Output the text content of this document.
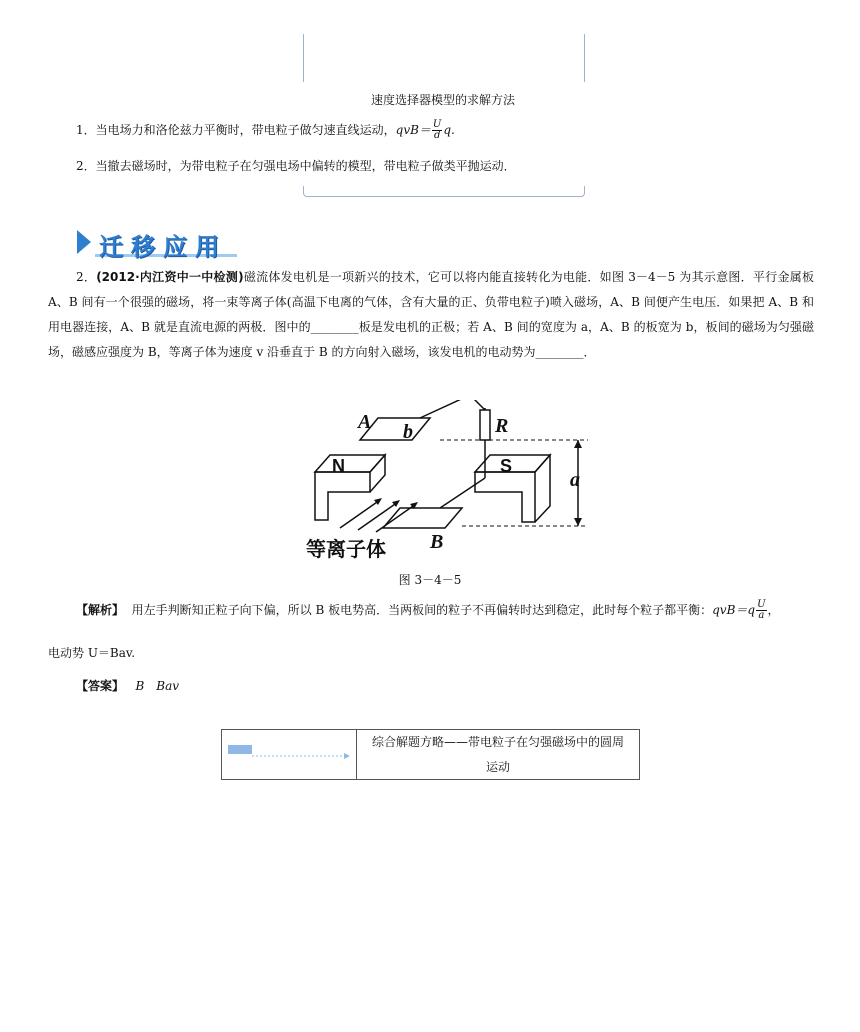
速度选择器模型的求解方法
1．当电场力和洛伦兹力平衡时，带电粒子做匀速直线运动，$qvB= \frac{U}{d} q$.
2．当撤去磁场时，为带电粒子在匀强电场中偏转的模型，带电粒子做类平抛运动．
迁移应用

2．(2012·内江资中一中检测)磁流体发电机是一项新兴的技术，它可以将内能直接转化为电能．如图 3－4－5 为其示意图．平行金属板 A、B 间有一个很强的磁场，将一束等离子体(高温下电离的气体，含有大量的正、负带电粒子)喷入磁场，A、B 间便产生电压．如果把 A、B 和用电器连接，A、B 就是直流电源的两极．图中的________板是发电机的正极；若 A、B 间的宽度为 a，A、B 的板宽为 b，板间的磁场为匀强磁场，磁感应强度为 B，等离子体为速度 v 沿垂直于 B 的方向射入磁场，该发电机的电动势为________．

A b	R
a
B
N	S
等离子体
图 3－4－5
【解析】 用左手判断知正粒子向下偏，所以 B 板电势高．当两板间的粒子不再偏转时达到稳定，此时每个粒子都平衡：$qvB=q \frac{U}{a}$ ，
电动势 U＝Bav.
【答案】 B　Bav
综合解题方略——带电粒子在匀强磁场中的圆周
运动
